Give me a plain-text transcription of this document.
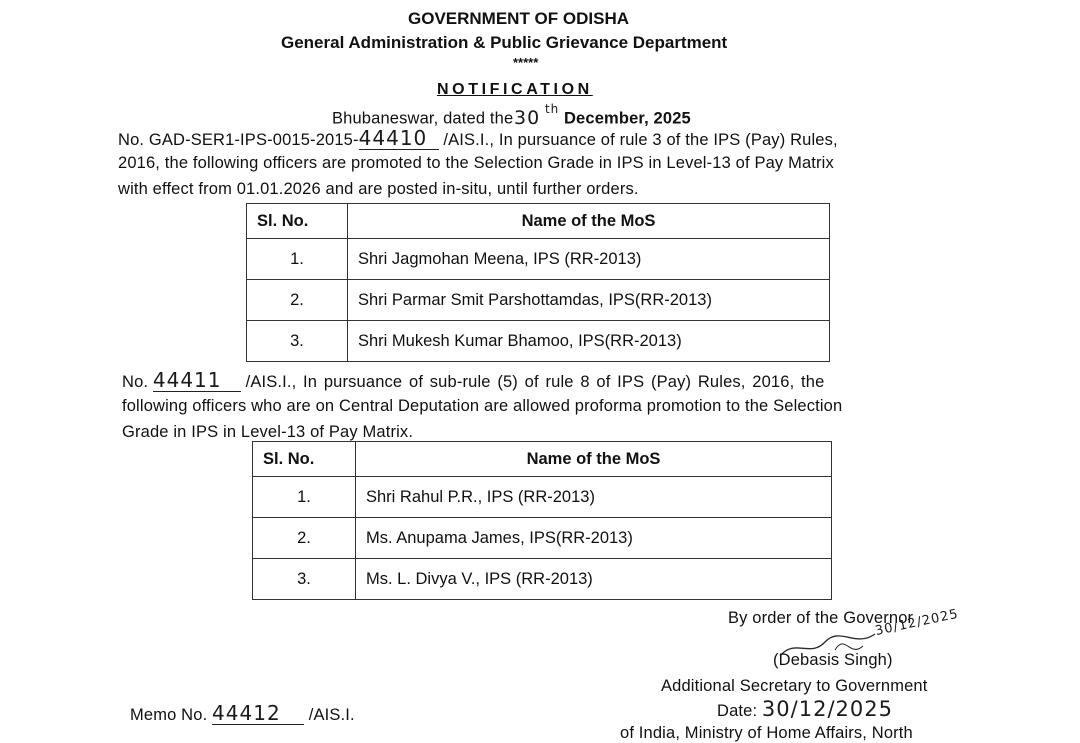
GOVERNMENT OF ODISHA
General Administration & Public Grievance Department
*****
NOTIFICATION
Bhubaneswar, dated the 30 $^{th}$ December, 2025
No. GAD-SER1-IPS-0015-2015-44410 /AIS.I., In pursuance of rule 3 of the IPS (Pay) Rules,
2016, the following officers are promoted to the Selection Grade in IPS in Level-13 of Pay Matrix
with effect from 01.01.2026 and are posted in-situ, until further orders.
Sl. No.	Name of the MoS
1.	Shri Jagmohan Meena, IPS (RR-2013)
2.	Shri Parmar Smit Parshottamdas, IPS(RR-2013)
3.	Shri Mukesh Kumar Bhamoo, IPS(RR-2013)
No. 44411 /AIS.I., In pursuance of sub-rule (5) of rule 8 of IPS (Pay) Rules, 2016, the
following officers who are on Central Deputation are allowed proforma promotion to the Selection
Grade in IPS in Level-13 of Pay Matrix.
Sl. No.	Name of the MoS
1.	Shri Rahul P.R., IPS (RR-2013)
2.	Ms. Anupama James, IPS(RR-2013)
3.	Ms. L. Divya V., IPS (RR-2013)
By order of the Governor
30/12/2025
(Debasis Singh)
Additional Secretary to Government
Memo No. 44412 /AIS.I.	Date: 30/12/2025
of India, Ministry of Home Affairs, North
